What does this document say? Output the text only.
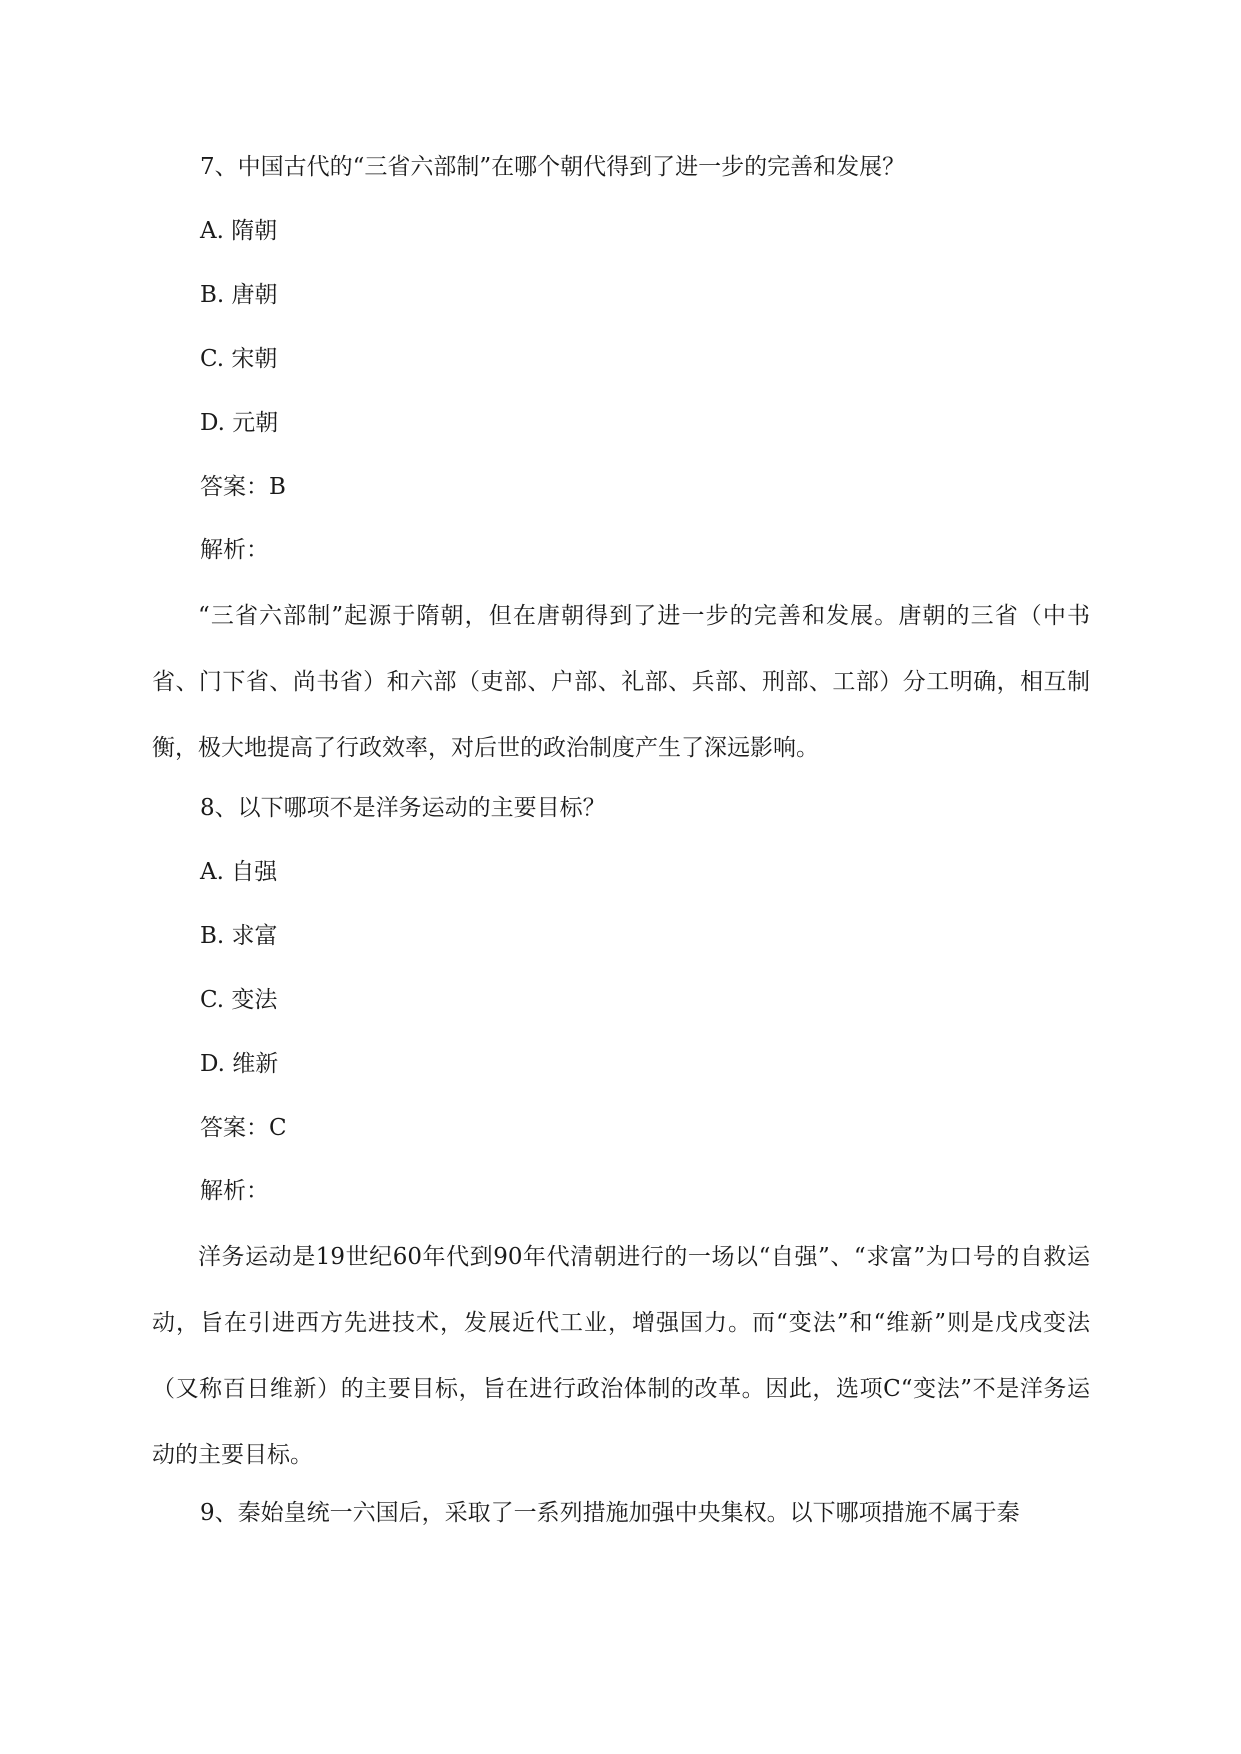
7、中国古代的“三省六部制”在哪个朝代得到了进一步的完善和发展？
A. 隋朝
B. 唐朝
C. 宋朝
D. 元朝
答案：B
解析：
“三省六部制”起源于隋朝，但在唐朝得到了进一步的完善和发展。唐朝的三省（中书省、门下省、尚书省）和六部（吏部、户部、礼部、兵部、刑部、工部）分工明确，相互制衡，极大地提高了行政效率，对后世的政治制度产生了深远影响。
8、以下哪项不是洋务运动的主要目标？
A. 自强
B. 求富
C. 变法
D. 维新
答案：C
解析：
洋务运动是19世纪60年代到90年代清朝进行的一场以“自强”、“求富”为口号的自救运动，旨在引进西方先进技术，发展近代工业，增强国力。而“变法”和“维新”则是戊戌变法（又称百日维新）的主要目标，旨在进行政治体制的改革。因此，选项C“变法”不是洋务运动的主要目标。
9、秦始皇统一六国后，采取了一系列措施加强中央集权。以下哪项措施不属于秦
